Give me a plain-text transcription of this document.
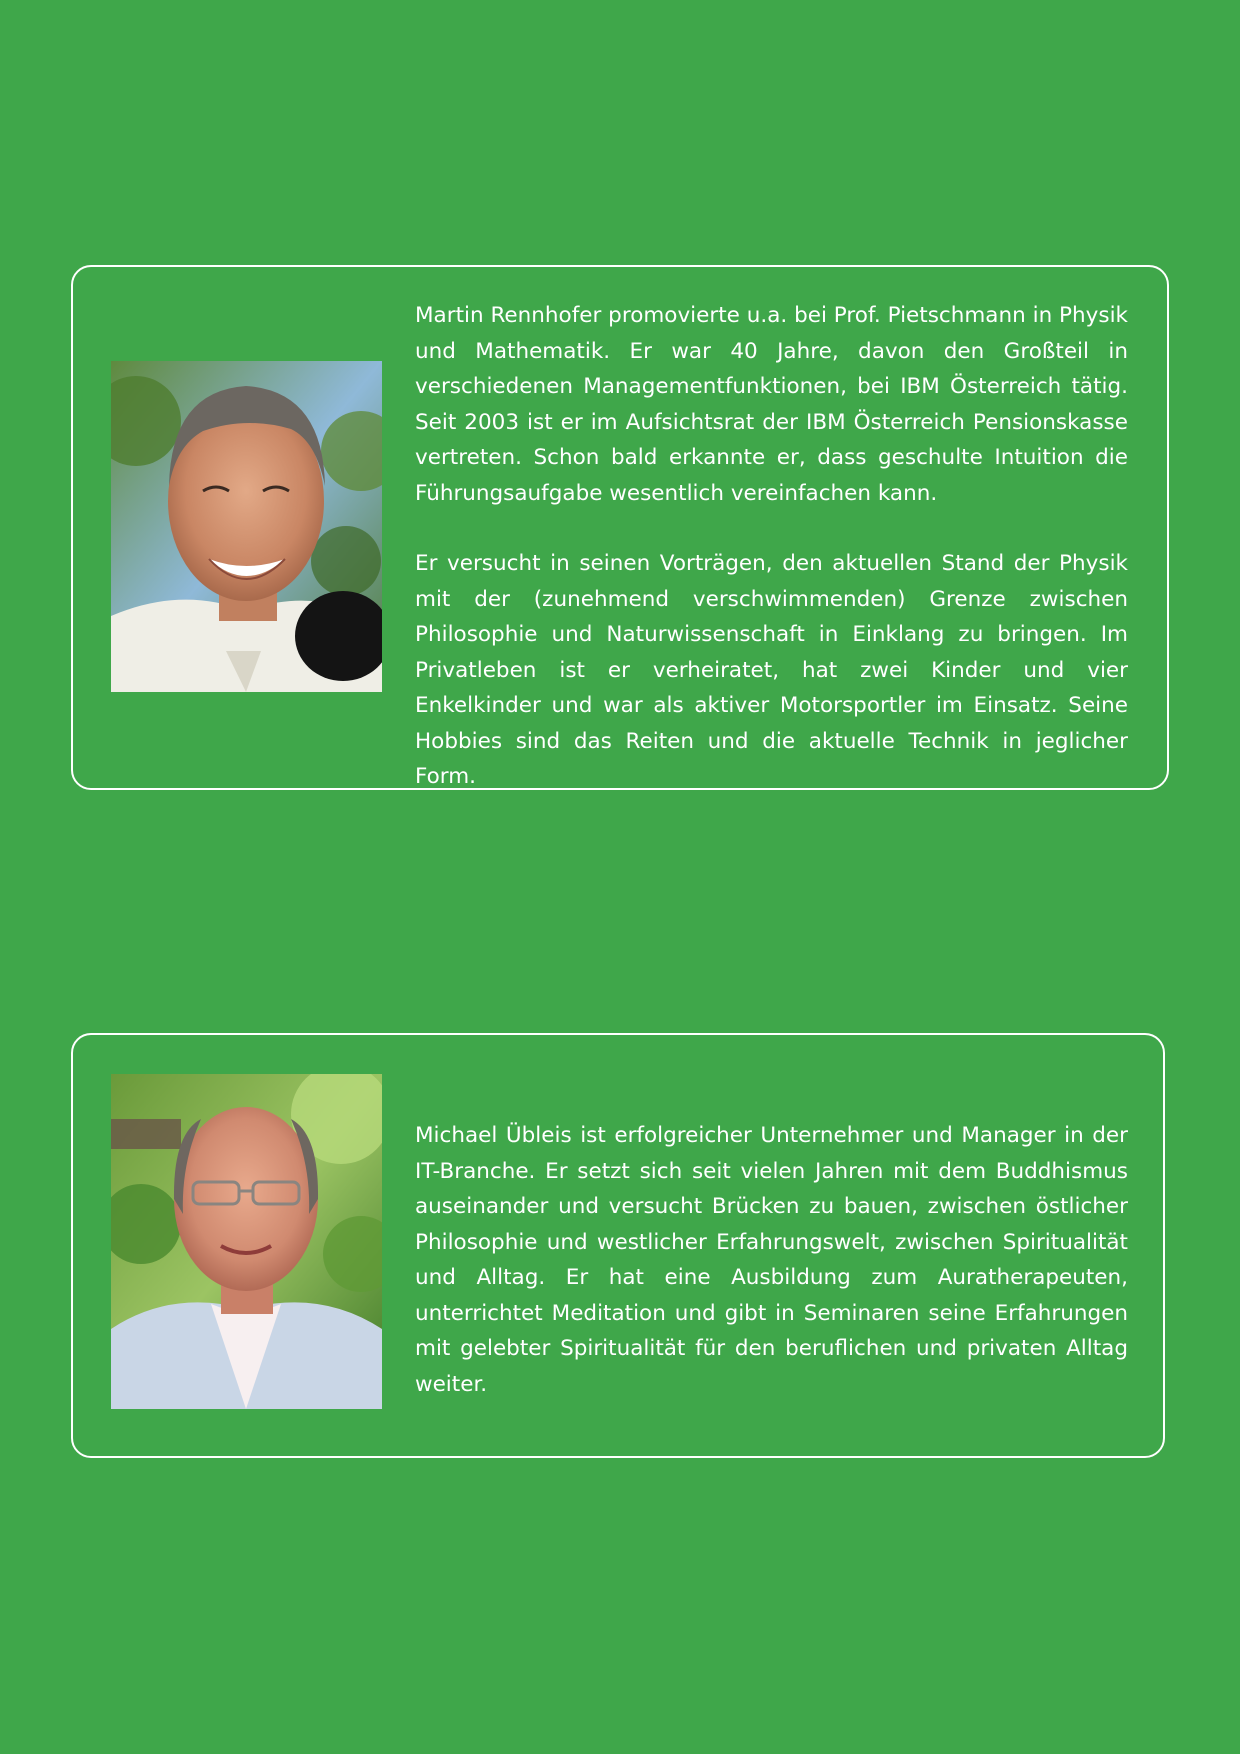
Martin Rennhofer promovierte u.a. bei Prof. Pietschmann in Physik und Mathematik. Er war 40 Jahre, davon den Großteil in verschiedenen Managementfunktionen, bei IBM Österreich tätig. Seit 2003 ist er im Aufsichtsrat der IBM Österreich Pensionskasse vertreten. Schon bald erkannte er, dass geschulte Intuition die Führungsaufgabe wesentlich vereinfachen kann.

Er versucht in seinen Vorträgen, den aktuellen Stand der Physik mit der (zunehmend verschwimmenden) Grenze zwischen Philosophie und Naturwissenschaft in Einklang zu bringen. Im Privatleben ist er verheiratet, hat zwei Kinder und vier Enkelkinder und war als aktiver Motorsportler im Einsatz. Seine Hobbies sind das Reiten und die aktuelle Technik in jeglicher Form.

Michael Übleis ist erfolgreicher Unternehmer und Manager in der IT-Branche. Er setzt sich seit vielen Jahren mit dem Buddhismus auseinander und versucht Brücken zu bauen, zwischen östlicher Philosophie und westlicher Erfahrungswelt, zwischen Spiritualität und Alltag. Er hat eine Ausbildung zum Auratherapeuten, unterrichtet Meditation und gibt in Seminaren seine Erfahrungen mit gelebter Spiritualität für den beruflichen und privaten Alltag weiter.
